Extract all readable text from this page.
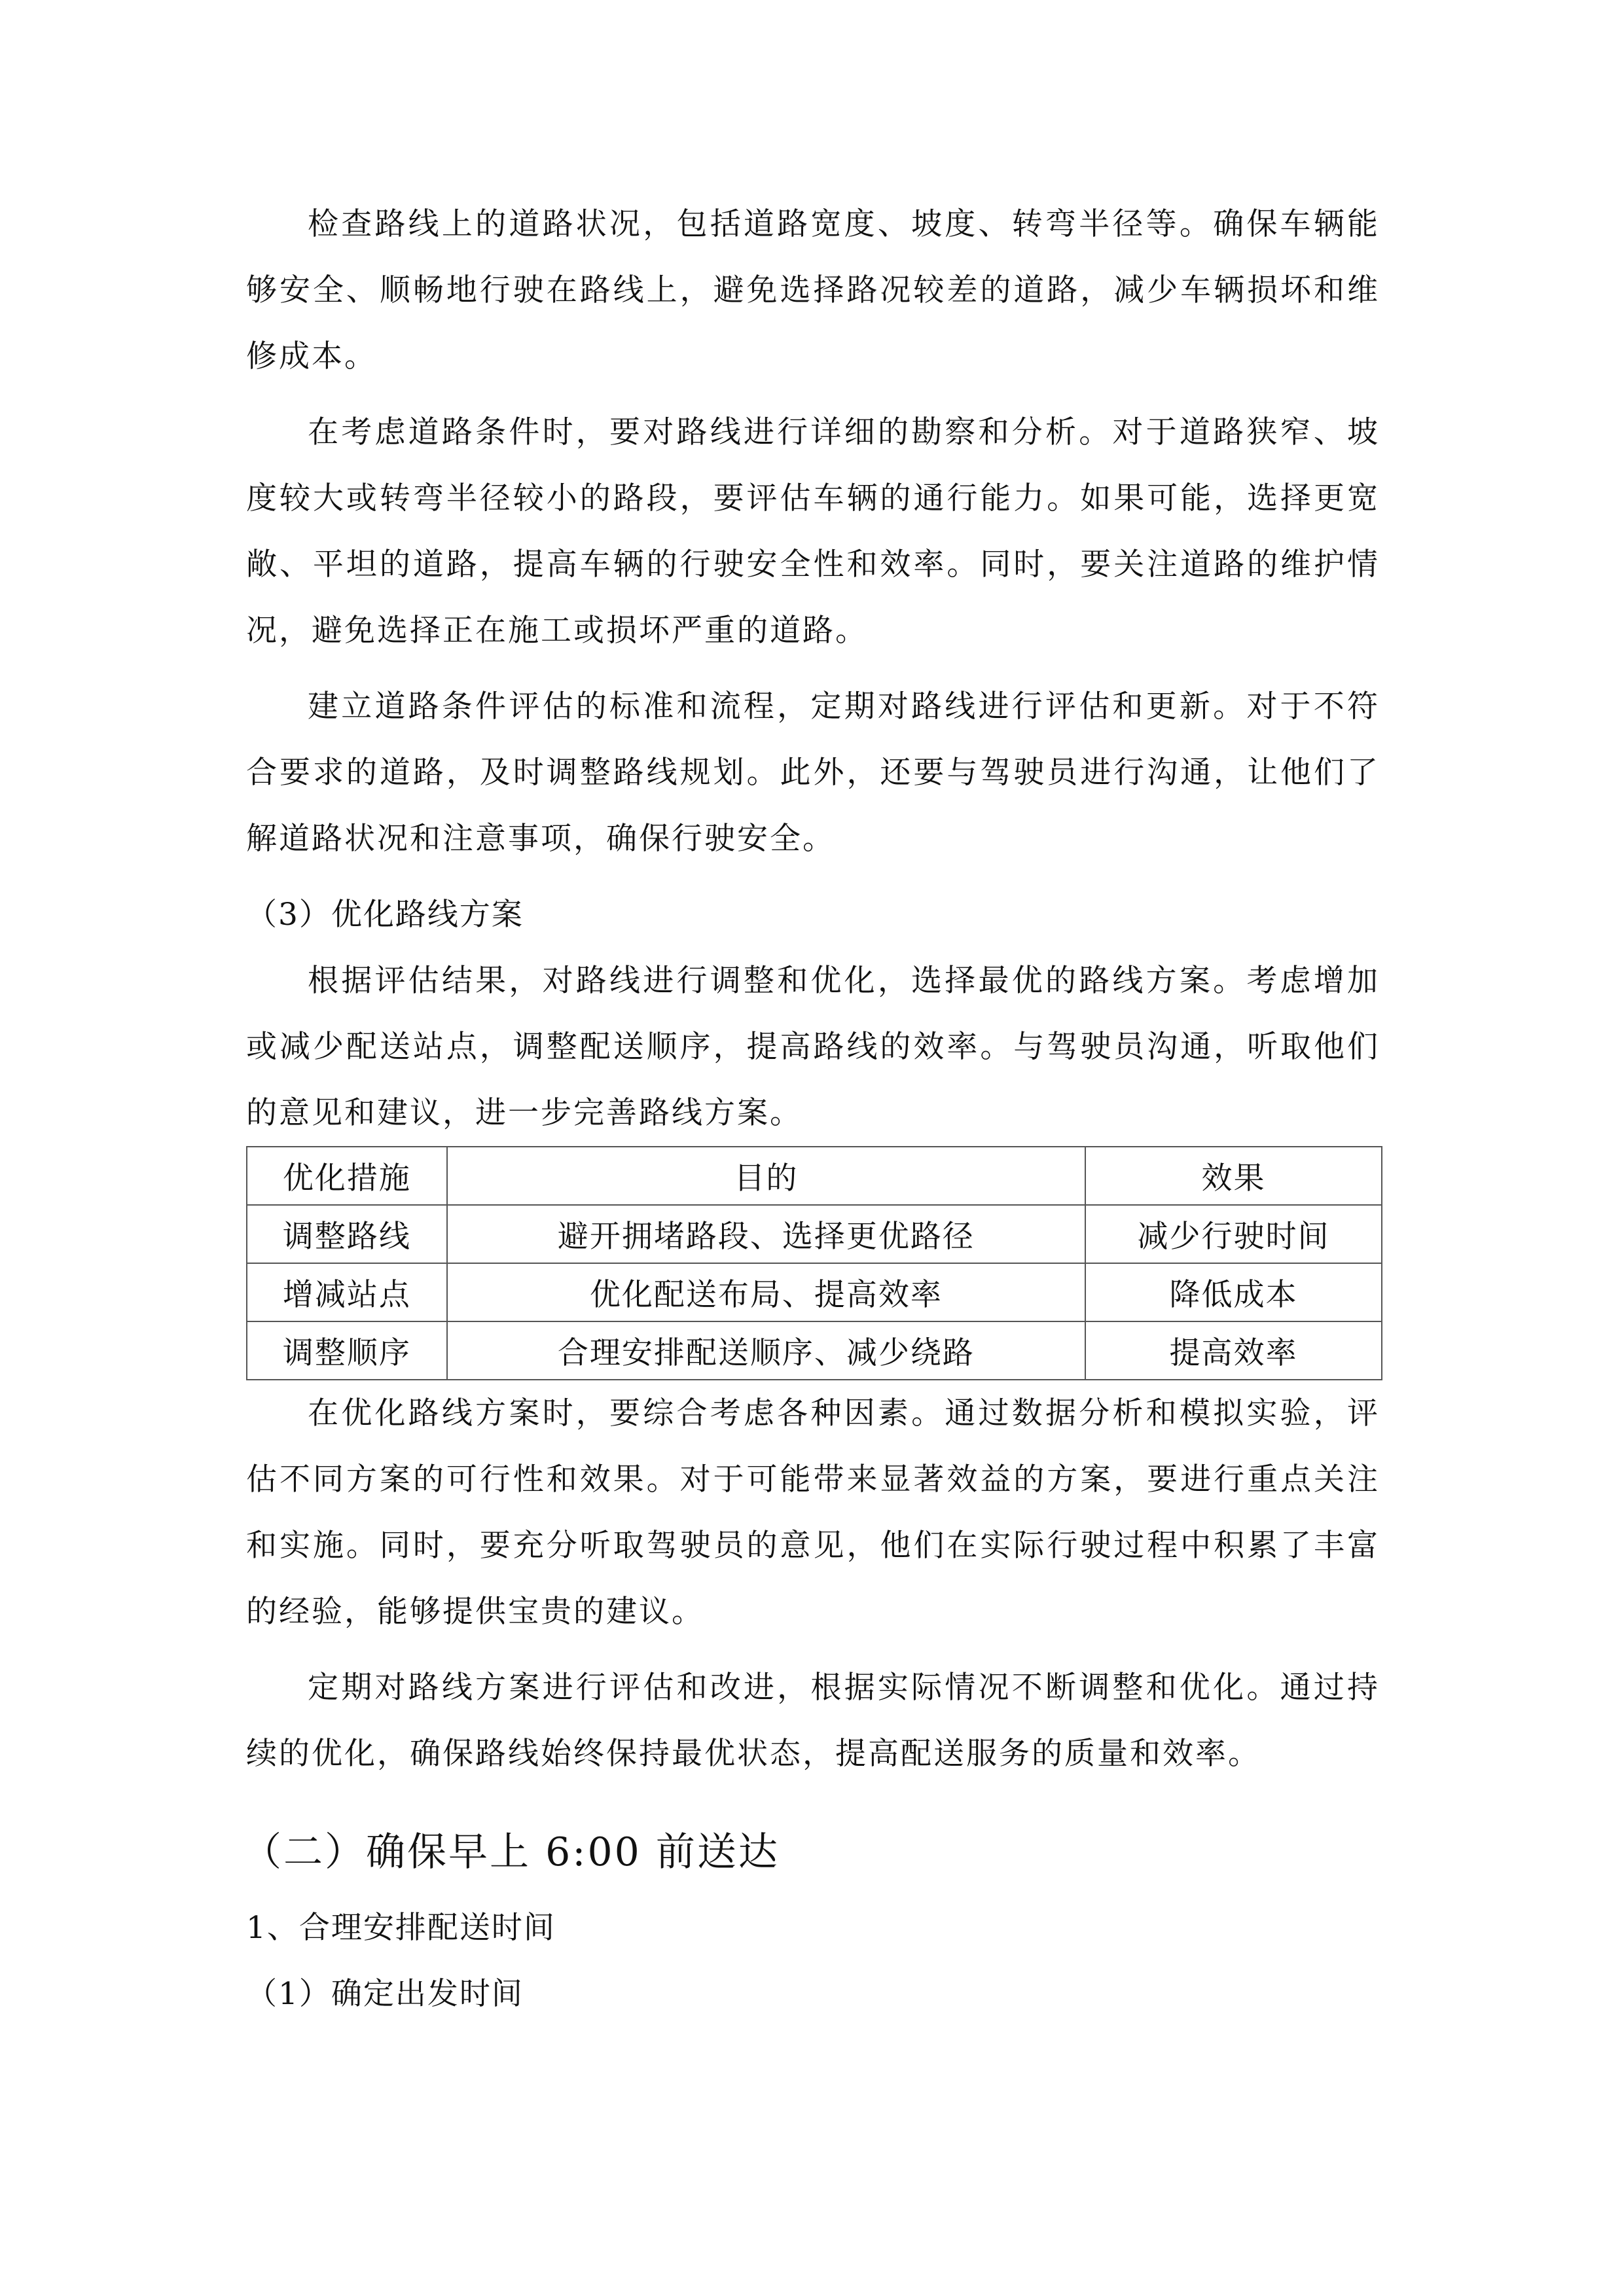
检查路线上的道路状况，包括道路宽度、坡度、转弯半径等。确保车辆能够安全、顺畅地行驶在路线上，避免选择路况较差的道路，减少车辆损坏和维修成本。

在考虑道路条件时，要对路线进行详细的勘察和分析。对于道路狭窄、坡度较大或转弯半径较小的路段，要评估车辆的通行能力。如果可能，选择更宽敞、平坦的道路，提高车辆的行驶安全性和效率。同时，要关注道路的维护情况，避免选择正在施工或损坏严重的道路。

建立道路条件评估的标准和流程，定期对路线进行评估和更新。对于不符合要求的道路，及时调整路线规划。此外，还要与驾驶员进行沟通，让他们了解道路状况和注意事项，确保行驶安全。

（3）优化路线方案

根据评估结果，对路线进行调整和优化，选择最优的路线方案。考虑增加或减少配送站点，调整配送顺序，提高路线的效率。与驾驶员沟通，听取他们的意见和建议，进一步完善路线方案。

优化措施	目的	效果
调整路线	避开拥堵路段、选择更优路径	减少行驶时间
增减站点	优化配送布局、提高效率	降低成本
调整顺序	合理安排配送顺序、减少绕路	提高效率

在优化路线方案时，要综合考虑各种因素。通过数据分析和模拟实验，评估不同方案的可行性和效果。对于可能带来显著效益的方案，要进行重点关注和实施。同时，要充分听取驾驶员的意见，他们在实际行驶过程中积累了丰富的经验，能够提供宝贵的建议。

定期对路线方案进行评估和改进，根据实际情况不断调整和优化。通过持续的优化，确保路线始终保持最优状态，提高配送服务的质量和效率。

（二）确保早上 6:00 前送达

1、合理安排配送时间

（1）确定出发时间
